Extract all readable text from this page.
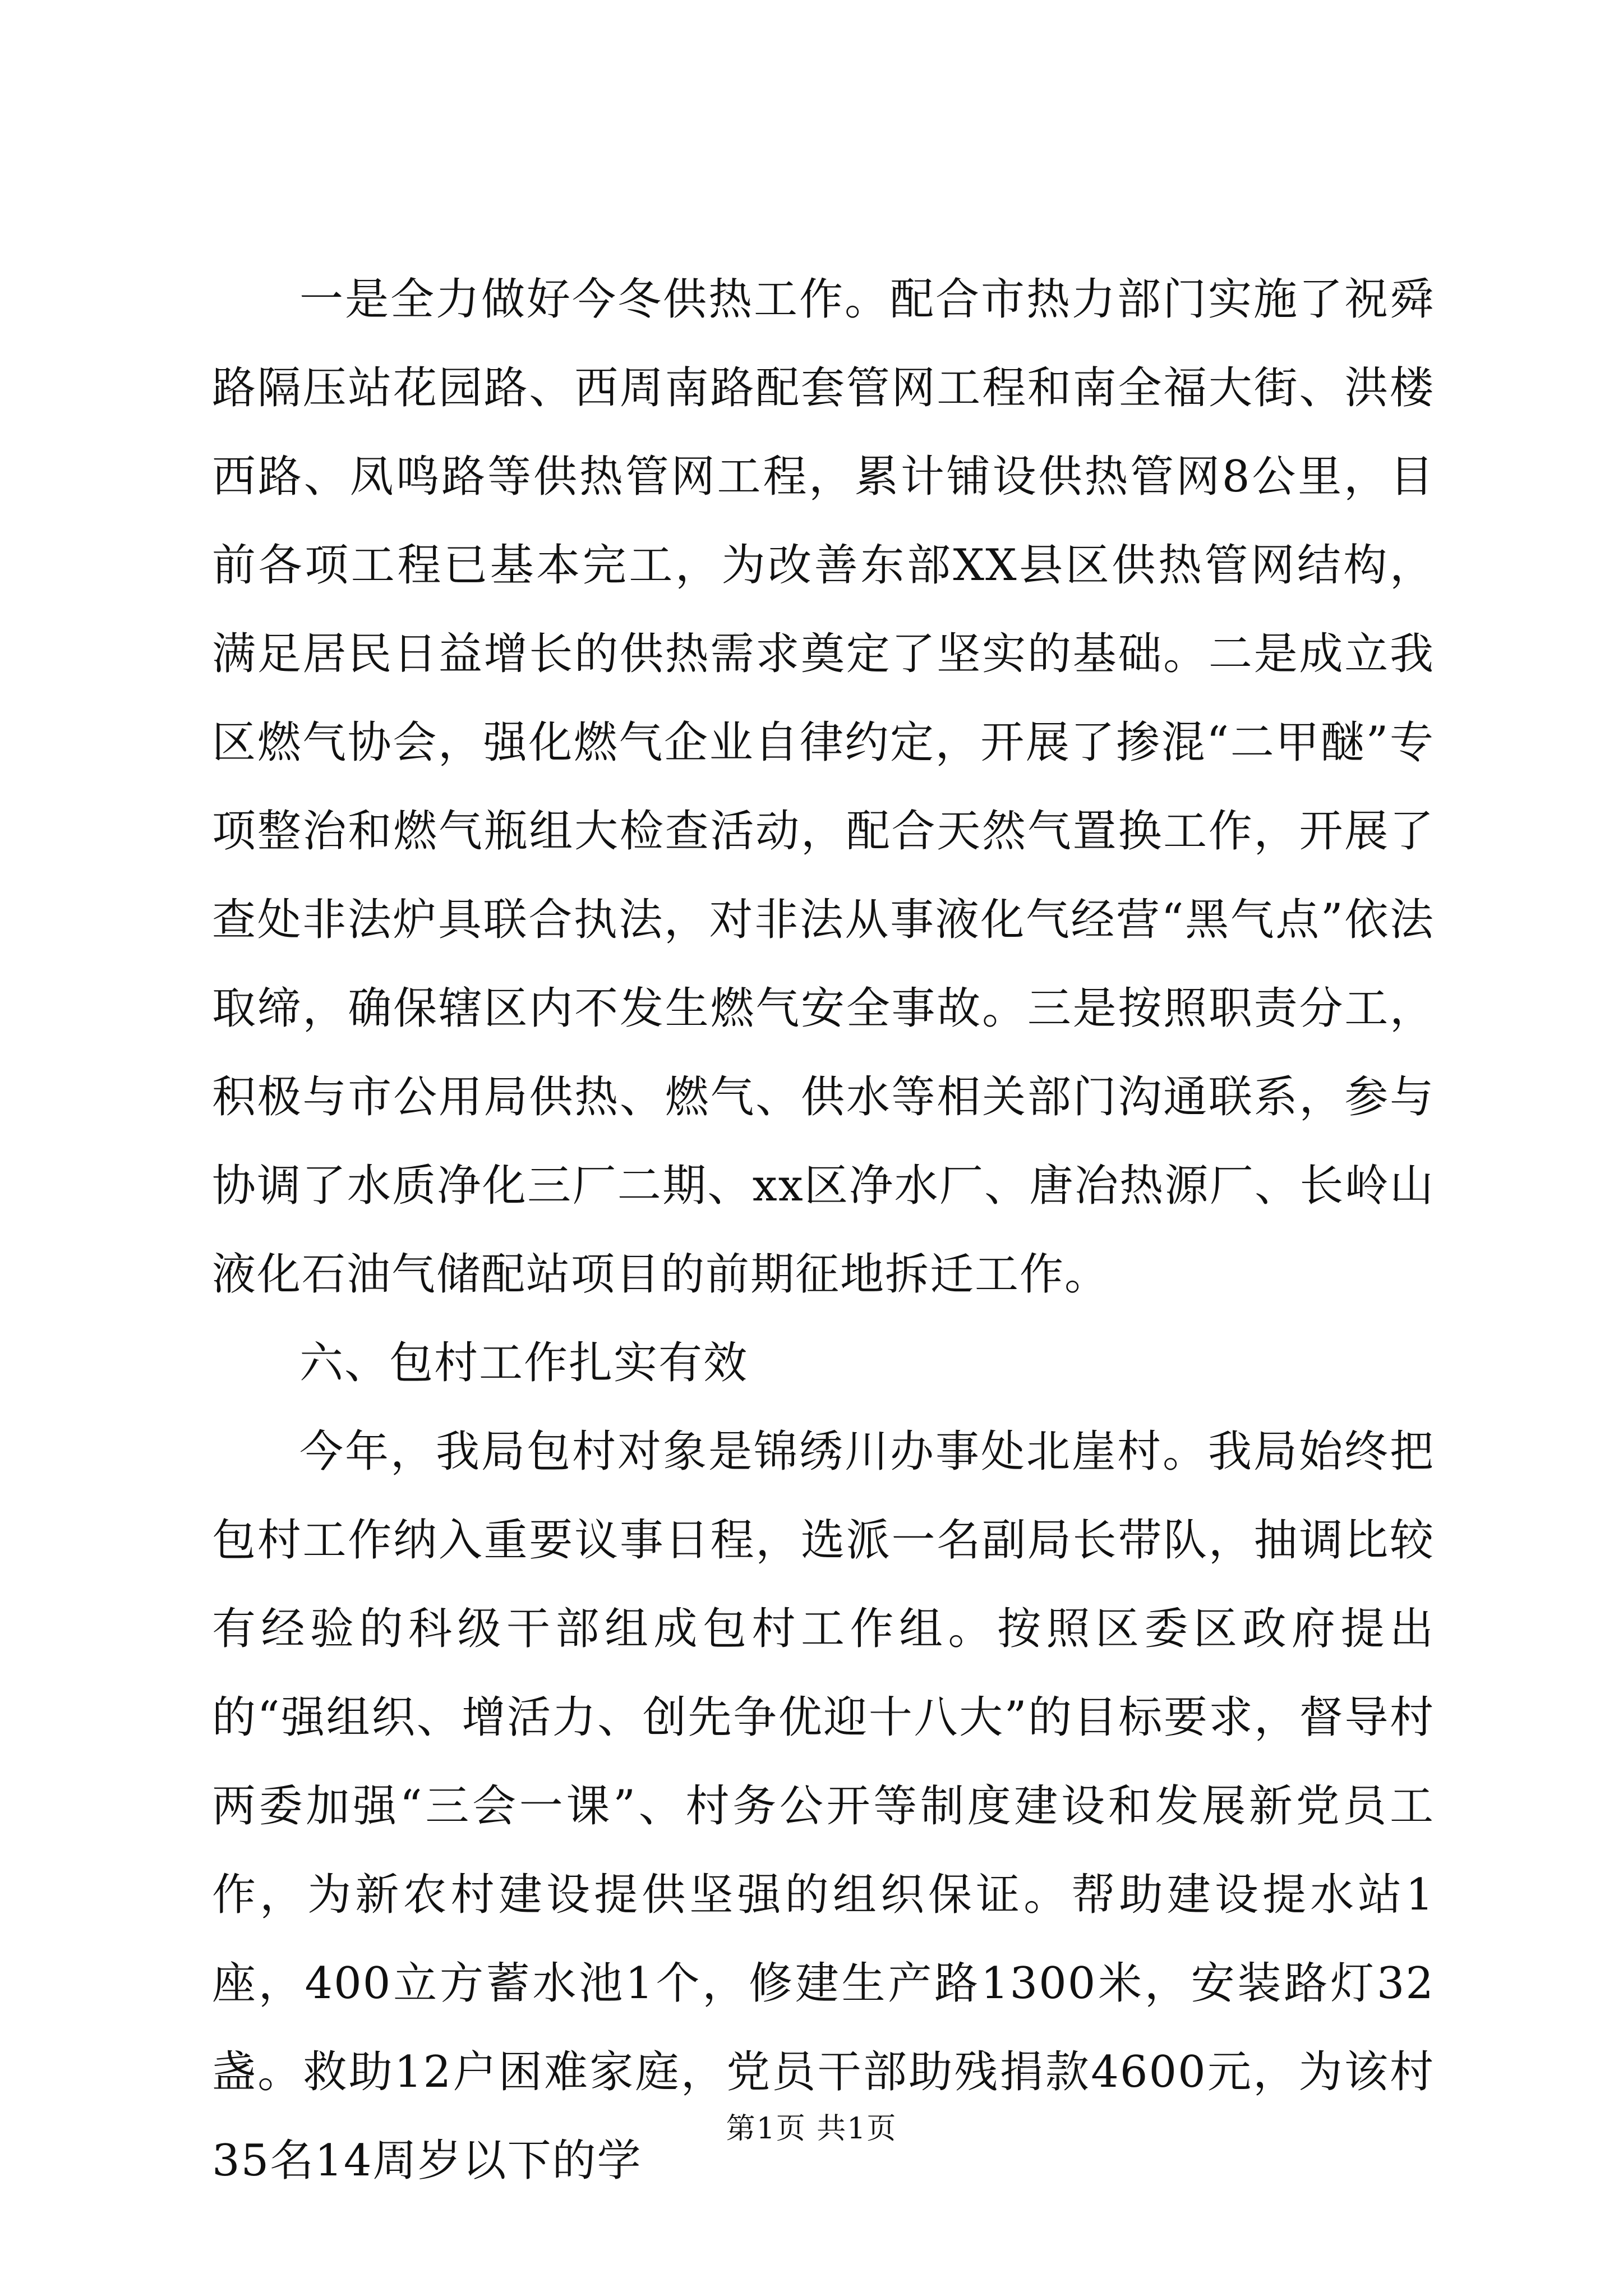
一是全力做好今冬供热工作。配合市热力部门实施了祝舜路隔压站花园路、西周南路配套管网工程和南全福大街、洪楼西路、凤鸣路等供热管网工程，累计铺设供热管网8公里，目前各项工程已基本完工，为改善东部XX县区供热管网结构，满足居民日益增长的供热需求奠定了坚实的基础。二是成立我区燃气协会，强化燃气企业自律约定，开展了掺混“二甲醚”专项整治和燃气瓶组大检查活动，配合天然气置换工作，开展了查处非法炉具联合执法，对非法从事液化气经营“黑气点”依法取缔，确保辖区内不发生燃气安全事故。三是按照职责分工，积极与市公用局供热、燃气、供水等相关部门沟通联系，参与协调了水质净化三厂二期、xx区净水厂、唐冶热源厂、长岭山液化石油气储配站项目的前期征地拆迁工作。

六、包村工作扎实有效

今年，我局包村对象是锦绣川办事处北崖村。我局始终把包村工作纳入重要议事日程，选派一名副局长带队，抽调比较有经验的科级干部组成包村工作组。按照区委区政府提出的“强组织、增活力、创先争优迎十八大”的目标要求，督导村两委加强“三会一课”、村务公开等制度建设和发展新党员工作，为新农村建设提供坚强的组织保证。帮助建设提水站1座，400立方蓄水池1个，修建生产路1300米，安装路灯32盏。救助12户困难家庭，党员干部助残捐款4600元，为该村35名14周岁以下的学

第1页 共1页
